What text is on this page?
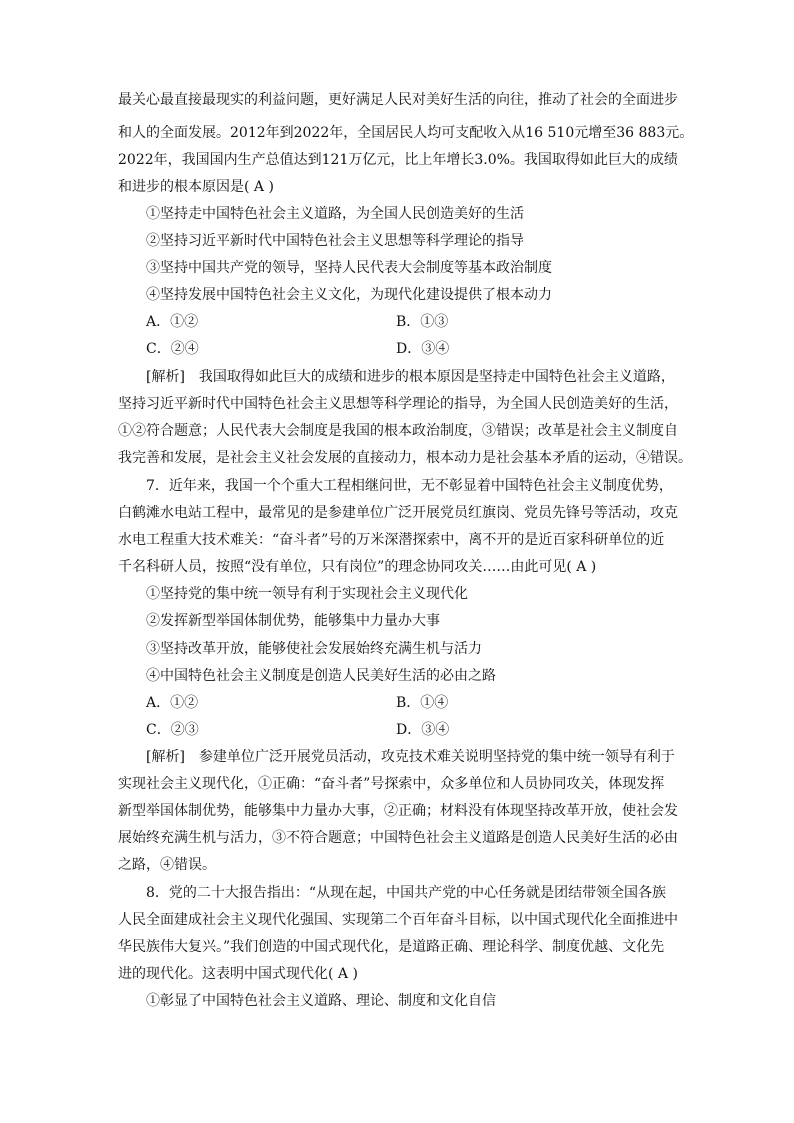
最关心最直接最现实的利益问题，更好满足人民对美好生活的向往，推动了社会的全面进步
和人的全面发展。2012年到2022年，全国居民人均可支配收入从16 510元增至36 883元。
2022年，我国国内生产总值达到121万亿元，比上年增长3.0%。我国取得如此巨大的成绩
和进步的根本原因是( A )
①坚持走中国特色社会主义道路，为全国人民创造美好的生活
②坚持习近平新时代中国特色社会主义思想等科学理论的指导
③坚持中国共产党的领导，坚持人民代表大会制度等基本政治制度
④坚持发展中国特色社会主义文化，为现代化建设提供了根本动力
A．①②	B．①③
C．②④	D．③④
[解析]　我国取得如此巨大的成绩和进步的根本原因是坚持走中国特色社会主义道路，
坚持习近平新时代中国特色社会主义思想等科学理论的指导，为全国人民创造美好的生活，
①②符合题意；人民代表大会制度是我国的根本政治制度，③错误；改革是社会主义制度自
我完善和发展，是社会主义社会发展的直接动力，根本动力是社会基本矛盾的运动，④错误。
7．近年来，我国一个个重大工程相继问世，无不彰显着中国特色社会主义制度优势，
白鹤滩水电站工程中，最常见的是参建单位广泛开展党员红旗岗、党员先锋号等活动，攻克
水电工程重大技术难关：“奋斗者”号的万米深潜探索中，离不开的是近百家科研单位的近
千名科研人员，按照“没有单位，只有岗位”的理念协同攻关……由此可见( A )
①坚持党的集中统一领导有利于实现社会主义现代化
②发挥新型举国体制优势，能够集中力量办大事
③坚持改革开放，能够使社会发展始终充满生机与活力
④中国特色社会主义制度是创造人民美好生活的必由之路
A．①②	B．①④
C．②③	D．③④
[解析]　参建单位广泛开展党员活动，攻克技术难关说明坚持党的集中统一领导有利于
实现社会主义现代化，①正确：“奋斗者”号探索中，众多单位和人员协同攻关，体现发挥
新型举国体制优势，能够集中力量办大事，②正确；材料没有体现坚持改革开放，使社会发
展始终充满生机与活力，③不符合题意；中国特色社会主义道路是创造人民美好生活的必由
之路，④错误。
8．党的二十大报告指出：“从现在起，中国共产党的中心任务就是团结带领全国各族
人民全面建成社会主义现代化强国、实现第二个百年奋斗目标，以中国式现代化全面推进中
华民族伟大复兴。”我们创造的中国式现代化，是道路正确、理论科学、制度优越、文化先
进的现代化。这表明中国式现代化( A )
①彰显了中国特色社会主义道路、理论、制度和文化自信
